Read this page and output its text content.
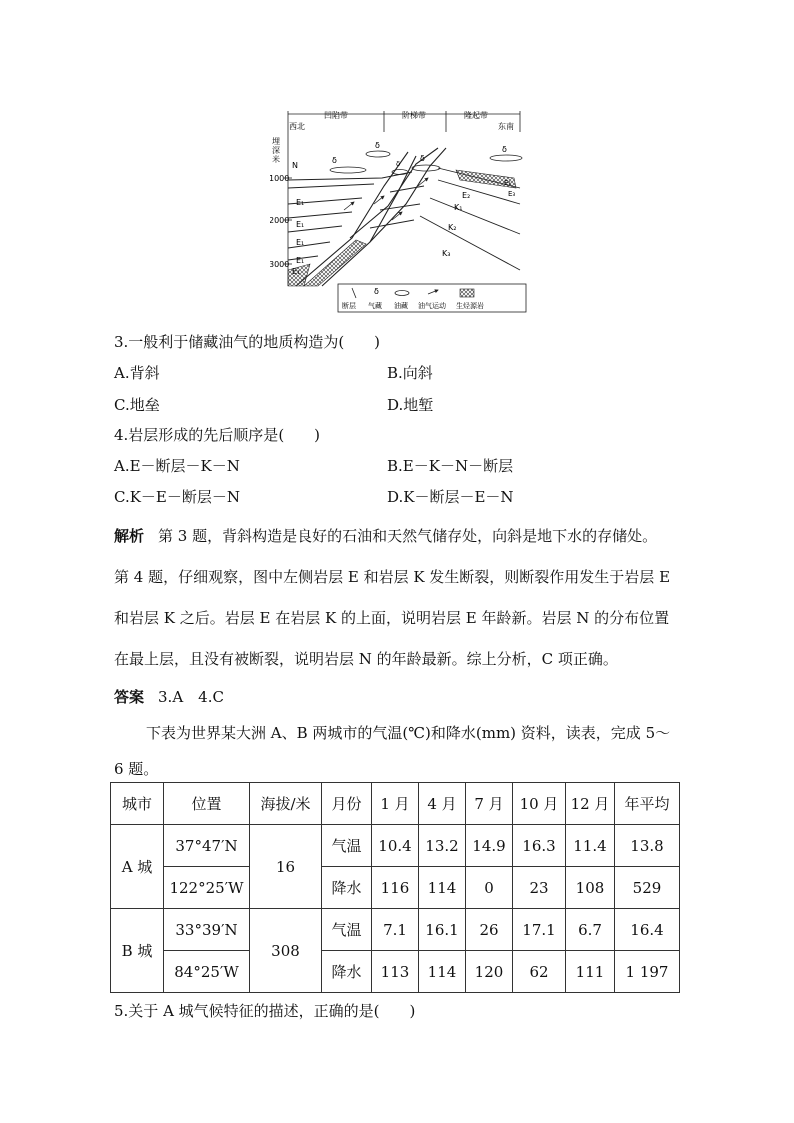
凹陷带	阶梯带	隆起带
西北	东南
埋深米
1000
2000
3000
δ
δ
δ
δ
δ
N
E₁
E₁
E₁
E₁
E₁
E₂
K₁
K₂
K₃
E₁
E₃
δ
断层 气藏 油藏 油气运动 生烃源岩
3.一般利于储藏油气的地质构造为(　　)
A.背斜	B.向斜
C.地垒	D.地堑
4.岩层形成的先后顺序是(　　)
A.E－断层－K－N	B.E－K－N－断层
C.K－E－断层－N	D.K－断层－E－N
解析 第 3 题，背斜构造是良好的石油和天然气储存处，向斜是地下水的存储处。
第 4 题，仔细观察，图中左侧岩层 E 和岩层 K 发生断裂，则断裂作用发生于岩层 E
和岩层 K 之后。岩层 E 在岩层 K 的上面，说明岩层 E 年龄新。岩层 N 的分布位置
在最上层，且没有被断裂，说明岩层 N 的年龄最新。综上分析，C 项正确。
答案 3.A　4.C
下表为世界某大洲 A、B 两城市的气温(℃)和降水(mm) 资料，读表，完成 5～
6 题。
城市	位置	海拔/米	月份	1 月	4 月	7 月	10 月	12 月	年平均
A 城	37°47′N	16	气温	10.4	13.2	14.9	16.3	11.4	13.8
	122°25′W		降水	116	114	0	23	108	529
B 城	33°39′N	308	气温	7.1	16.1	26	17.1	6.7	16.4
	84°25′W		降水	113	114	120	62	111	1 197
5.关于 A 城气候特征的描述，正确的是(　　)
